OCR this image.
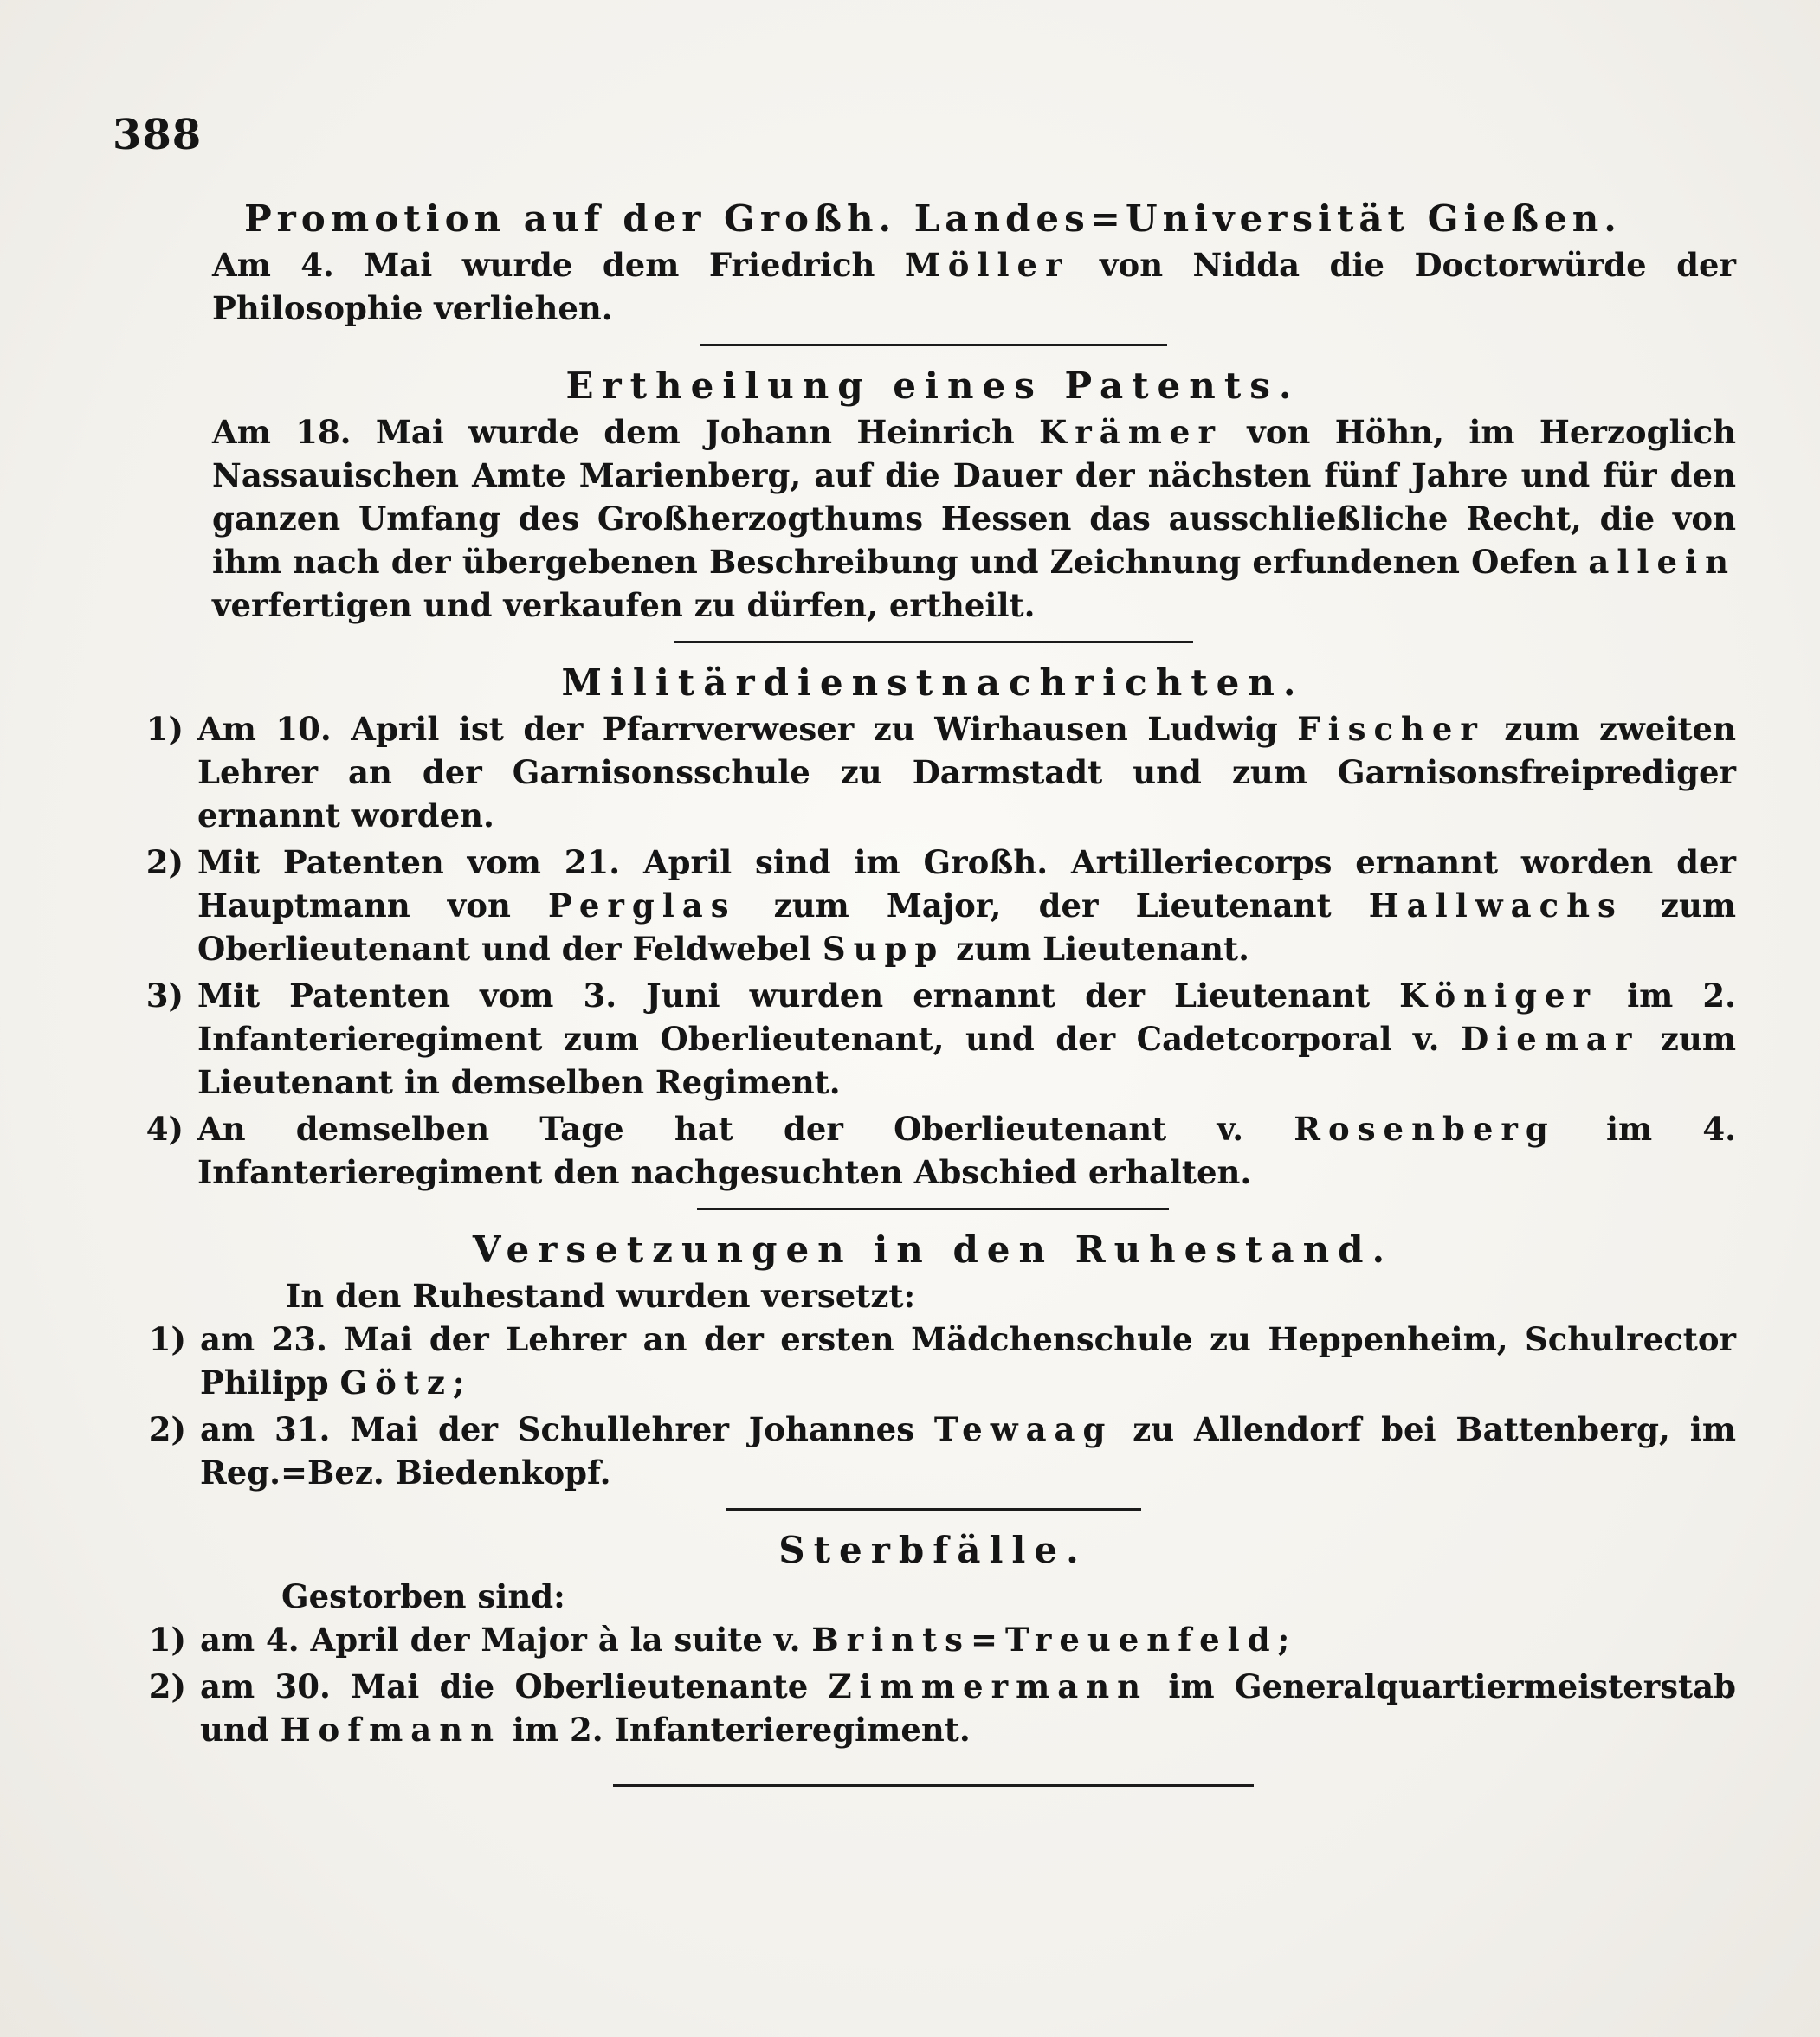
388
Promotion auf der Großh. Landes=Universität Gießen.

Am 4. Mai wurde dem Friedrich Möller von Nidda die Doctorwürde der Philosophie verliehen.

Ertheilung eines Patents.

Am 18. Mai wurde dem Johann Heinrich Krämer von Höhn, im Herzoglich Nassauischen Amte Marienberg, auf die Dauer der nächsten fünf Jahre und für den ganzen Umfang des Großherzogthums Hessen das ausschließliche Recht, die von ihm nach der übergebenen Beschreibung und Zeichnung erfundenen Oefen allein verfertigen und verkaufen zu dürfen, ertheilt.

Militärdienstnachrichten.
1) Am 10. April ist der Pfarrverweser zu Wirhausen Ludwig Fischer zum zweiten Lehrer an der Garnisonsschule zu Darmstadt und zum Garnisonsfreiprediger ernannt worden.
2) Mit Patenten vom 21. April sind im Großh. Artilleriecorps ernannt worden der Hauptmann von Perglas zum Major, der Lieutenant Hallwachs zum Oberlieutenant und der Feldwebel Supp zum Lieutenant.
3) Mit Patenten vom 3. Juni wurden ernannt der Lieutenant Königer im 2. Infanterieregiment zum Oberlieutenant, und der Cadetcorporal v. Diemar zum Lieutenant in demselben Regiment.
4) An demselben Tage hat der Oberlieutenant v. Rosenberg im 4. Infanterieregiment den nachgesuchten Abschied erhalten.
Versetzungen in den Ruhestand.

In den Ruhestand wurden versetzt:

1) am 23. Mai der Lehrer an der ersten Mädchenschule zu Heppenheim, Schulrector Philipp Götz;
2) am 31. Mai der Schullehrer Johannes Tewaag zu Allendorf bei Battenberg, im Reg.=Bez. Biedenkopf.
Sterbfälle.

Gestorben sind:

1) am 4. April der Major à la suite v. Brints=Treuenfeld;
2) am 30. Mai die Oberlieutenante Zimmermann im Generalquartiermeisterstab und Hofmann im 2. Infanterieregiment.
